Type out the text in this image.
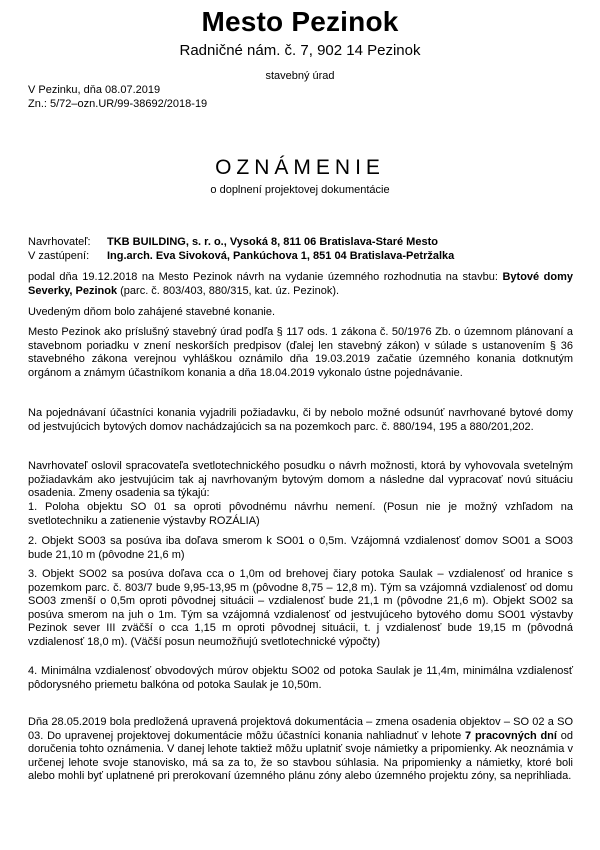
Mesto Pezinok
Radničné nám. č. 7, 902 14 Pezinok
stavebný úrad
V Pezinku, dňa 08.07.2019
Zn.: 5/72–ozn.UR/99-38692/2018-19
OZNÁMENIE
o doplnení projektovej dokumentácie
Navrhovateľ: TKB BUILDING, s. r. o., Vysoká 8, 811 06 Bratislava-Staré Mesto
V zastúpení: Ing.arch. Eva Sivoková, Pankúchova 1, 851 04 Bratislava-Petržalka
podal dňa 19.12.2018 na Mesto Pezinok návrh na vydanie územného rozhodnutia na stavbu: Bytové domy Severky, Pezinok (parc. č. 803/403, 880/315, kat. úz. Pezinok).
Uvedeným dňom bolo zahájené stavebné konanie.
Mesto Pezinok ako príslušný stavebný úrad podľa § 117 ods. 1 zákona č. 50/1976 Zb. o územnom plánovaní a stavebnom poriadku v znení neskorších predpisov (ďalej len stavebný zákon) v súlade s ustanovením § 36 stavebného zákona verejnou vyhláškou oznámilo dňa 19.03.2019 začatie územného konania dotknutým orgánom a známym účastníkom konania a dňa 18.04.2019 vykonalo ústne pojednávanie.
Na pojednávaní účastníci konania vyjadrili požiadavku, či by nebolo možné odsunúť navrhované bytové domy od jestvujúcich bytových domov nachádzajúcich sa na pozemkoch parc. č. 880/194, 195 a 880/201,202.
Navrhovateľ oslovil spracovateľa svetlotechnického posudku o návrh možnosti, ktorá by vyhovovala svetelným požiadavkám ako jestvujúcim tak aj navrhovaným bytovým domom a následne dal vypracovať novú situáciu osadenia. Zmeny osadenia sa týkajú:
1. Poloha objektu SO 01 sa oproti pôvodnému návrhu nemení. (Posun nie je možný vzhľadom na svetlotechniku a zatienenie výstavby ROZÁLIA)
2. Objekt SO03 sa posúva iba doľava smerom k SO01 o 0,5m. Vzájomná vzdialenosť domov SO01 a SO03 bude 21,10 m (pôvodne 21,6 m)
3. Objekt SO02 sa posúva doľava cca o 1,0m od brehovej čiary potoka Saulak – vzdialenosť od hranice s pozemkom parc. č. 803/7 bude 9,95-13,95 m (pôvodne 8,75 – 12,8 m). Tým sa vzájomná vzdialenosť od domu SO03 zmenší o 0,5m oproti pôvodnej situácii – vzdialenosť bude 21,1 m (pôvodne 21,6 m). Objekt SO02 sa posúva smerom na juh o 1m. Tým sa vzájomná vzdialenosť od jestvujúceho bytového domu SO01 výstavby Pezinok sever III zväčší o cca 1,15 m oproti pôvodnej situácii, t. j vzdialenosť bude 19,15 m (pôvodná vzdialenosť 18,0 m). (Väčší posun neumožňujú svetlotechnické výpočty)
4. Minimálna vzdialenosť obvodových múrov objektu SO02 od potoka Saulak je 11,4m, minimálna vzdialenosť pôdorysného priemetu balkóna od potoka Saulak je 10,50m.
Dňa 28.05.2019 bola predložená upravená projektová dokumentácia – zmena osadenia objektov – SO 02 a SO 03. Do upravenej projektovej dokumentácie môžu účastníci konania nahliadnuť v lehote 7 pracovných dní od doručenia tohto oznámenia. V danej lehote taktiež môžu uplatniť svoje námietky a pripomienky. Ak neoznámia v určenej lehote svoje stanovisko, má sa za to, že so stavbou súhlasia. Na pripomienky a námietky, ktoré boli alebo mohli byť uplatnené pri prerokovaní územného plánu zóny alebo územného projektu zóny, sa neprihliada.
